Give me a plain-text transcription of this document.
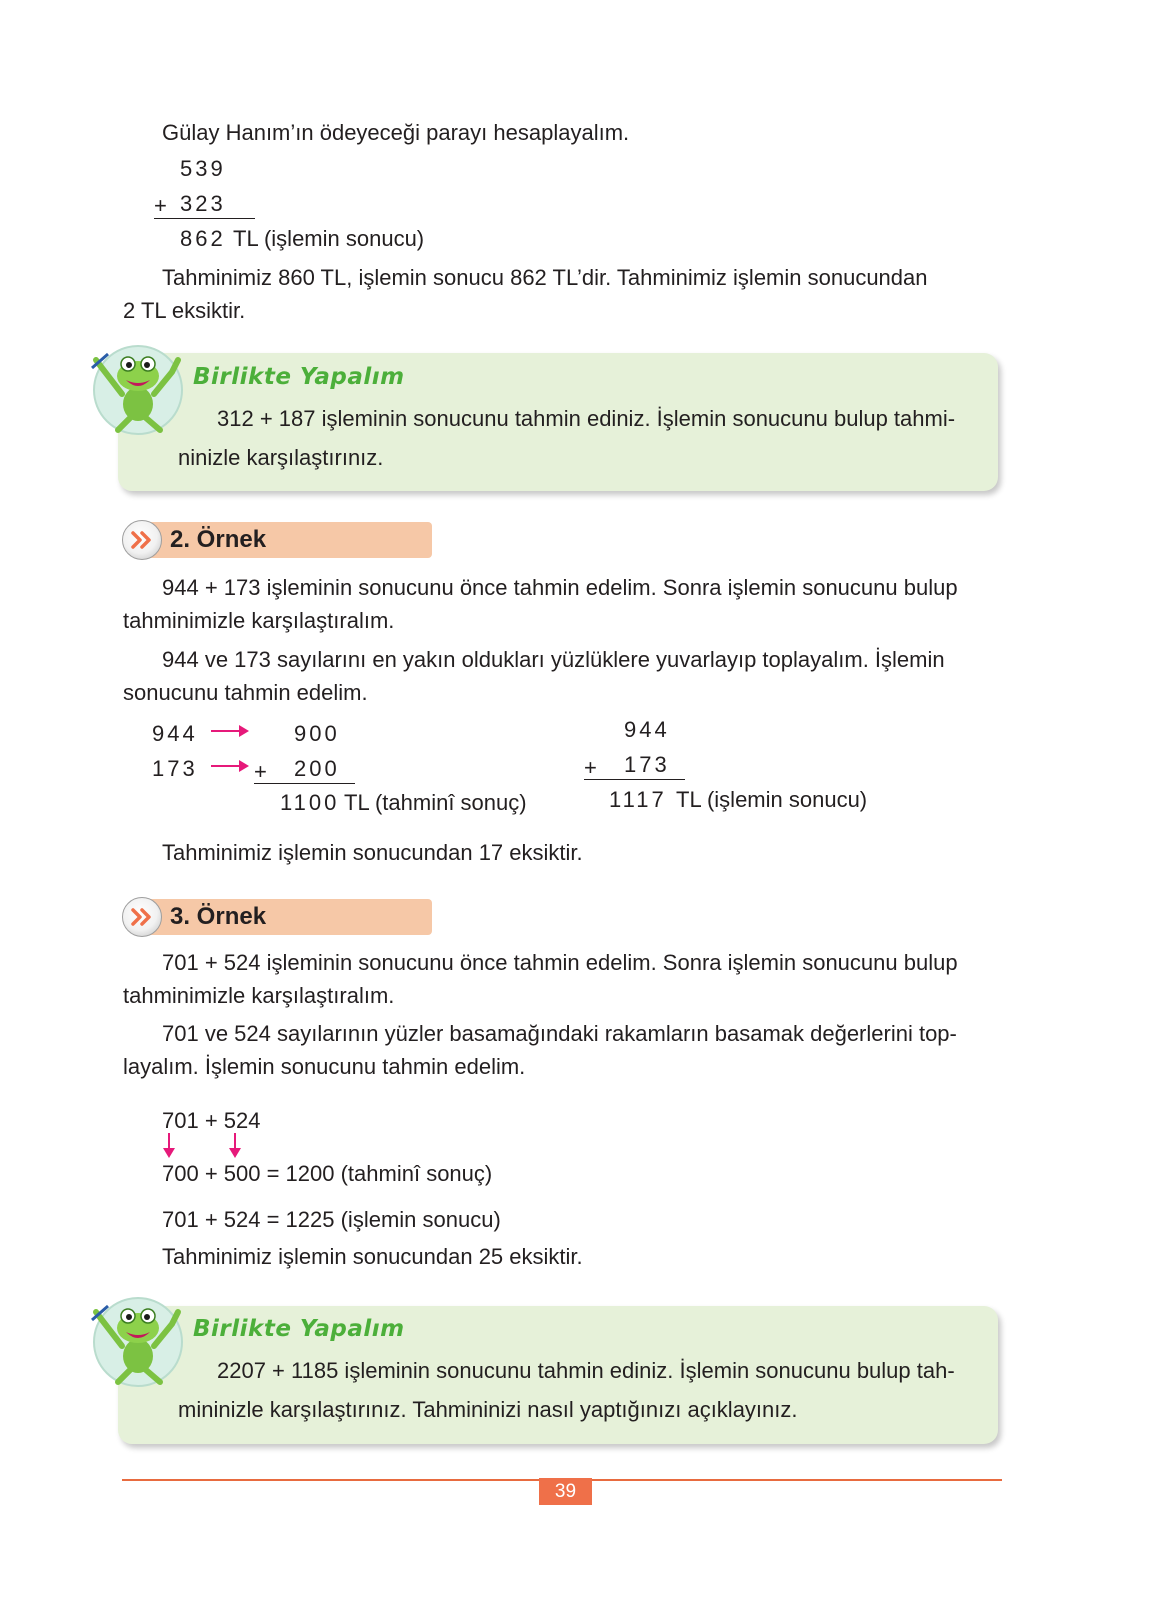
Gülay Hanım’ın ödeyeceği parayı hesaplayalım.
539
+ 323
862 TL (işlemin sonucu)
Tahminimiz 860 TL, işlemin sonucu 862 TL’dir. Tahminimiz işlemin sonucundan
2 TL eksiktir.
Birlikte Yapalım
312 + 187 işleminin sonucunu tahmin ediniz. İşlemin sonucunu bulup tahmi-
ninizle karşılaştırınız.
2. Örnek
944 + 173 işleminin sonucunu önce tahmin edelim. Sonra işlemin sonucunu bulup
tahminimizle karşılaştıralım.
944 ve 173 sayılarını en yakın oldukları yüzlüklere yuvarlayıp toplayalım. İşlemin
sonucunu tahmin edelim.
944	900
173	+ 200
1100 TL (tahminî sonuç)
944
+ 173
1117 TL (işlemin sonucu)
Tahminimiz işlemin sonucundan 17 eksiktir.
3. Örnek
701 + 524 işleminin sonucunu önce tahmin edelim. Sonra işlemin sonucunu bulup
tahminimizle karşılaştıralım.
701 ve 524 sayılarının yüzler basamağındaki rakamların basamak değerlerini top-
layalım. İşlemin sonucunu tahmin edelim.
701 + 524
700 + 500 = 1200 (tahminî sonuç)
701 + 524 = 1225 (işlemin sonucu)
Tahminimiz işlemin sonucundan 25 eksiktir.
Birlikte Yapalım
2207 + 1185 işleminin sonucunu tahmin ediniz. İşlemin sonucunu bulup tah-
mininizle karşılaştırınız. Tahmininizi nasıl yaptığınızı açıklayınız.
39
